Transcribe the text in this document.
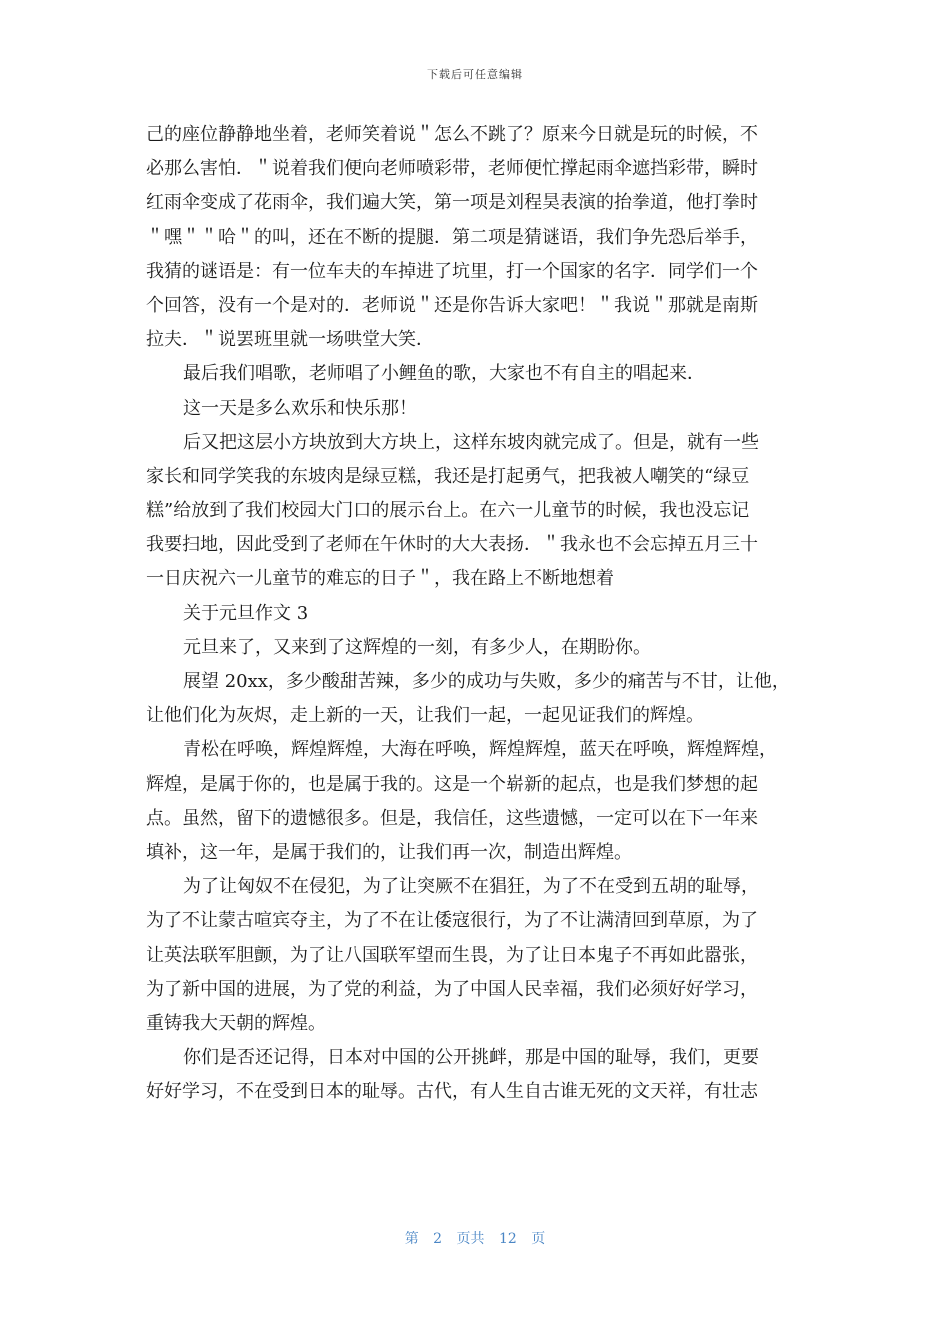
下载后可任意编辑
己的座位静静地坐着，老师笑着说＂怎么不跳了？原来今日就是玩的时候，不
必那么害怕．＂说着我们便向老师喷彩带，老师便忙撑起雨伞遮挡彩带，瞬时
红雨伞变成了花雨伞，我们遍大笑，第一项是刘程昊表演的抬拳道，他打拳时
＂嘿＂＂哈＂的叫，还在不断的提腿．第二项是猜谜语，我们争先恐后举手，
我猜的谜语是：有一位车夫的车掉进了坑里，打一个国家的名字．同学们一个
个回答，没有一个是对的．老师说＂还是你告诉大家吧！＂我说＂那就是南斯
拉夫．＂说罢班里就一场哄堂大笑．
最后我们唱歌，老师唱了小鲤鱼的歌，大家也不有自主的唱起来．
这一天是多么欢乐和快乐那！
后又把这层小方块放到大方块上，这样东坡肉就完成了。但是，就有一些
家长和同学笑我的东坡肉是绿豆糕，我还是打起勇气，把我被人嘲笑的“绿豆
糕”给放到了我们校园大门口的展示台上。在六一儿童节的时候，我也没忘记
我要扫地，因此受到了老师在午休时的大大表扬．＂我永也不会忘掉五月三十
一日庆祝六一儿童节的难忘的日子＂，我在路上不断地想着
关于元旦作文 3
元旦来了，又来到了这辉煌的一刻，有多少人，在期盼你。
展望 20xx，多少酸甜苦辣，多少的成功与失败，多少的痛苦与不甘，让他，
让他们化为灰烬，走上新的一天，让我们一起，一起见证我们的辉煌。
青松在呼唤，辉煌辉煌，大海在呼唤，辉煌辉煌，蓝天在呼唤，辉煌辉煌，
辉煌，是属于你的，也是属于我的。这是一个崭新的起点，也是我们梦想的起
点。虽然，留下的遗憾很多。但是，我信任，这些遗憾，一定可以在下一年来
填补，这一年，是属于我们的，让我们再一次，制造出辉煌。
为了让匈奴不在侵犯，为了让突厥不在猖狂，为了不在受到五胡的耻辱，
为了不让蒙古喧宾夺主，为了不在让倭寇很行，为了不让满清回到草原，为了
让英法联军胆颤，为了让八国联军望而生畏，为了让日本鬼子不再如此嚣张，
为了新中国的进展，为了党的利益，为了中国人民幸福，我们必须好好学习，
重铸我大天朝的辉煌。
你们是否还记得，日本对中国的公开挑衅，那是中国的耻辱，我们，更要
好好学习，不在受到日本的耻辱。古代，有人生自古谁无死的文天祥，有壮志
第 2 页共 12 页
